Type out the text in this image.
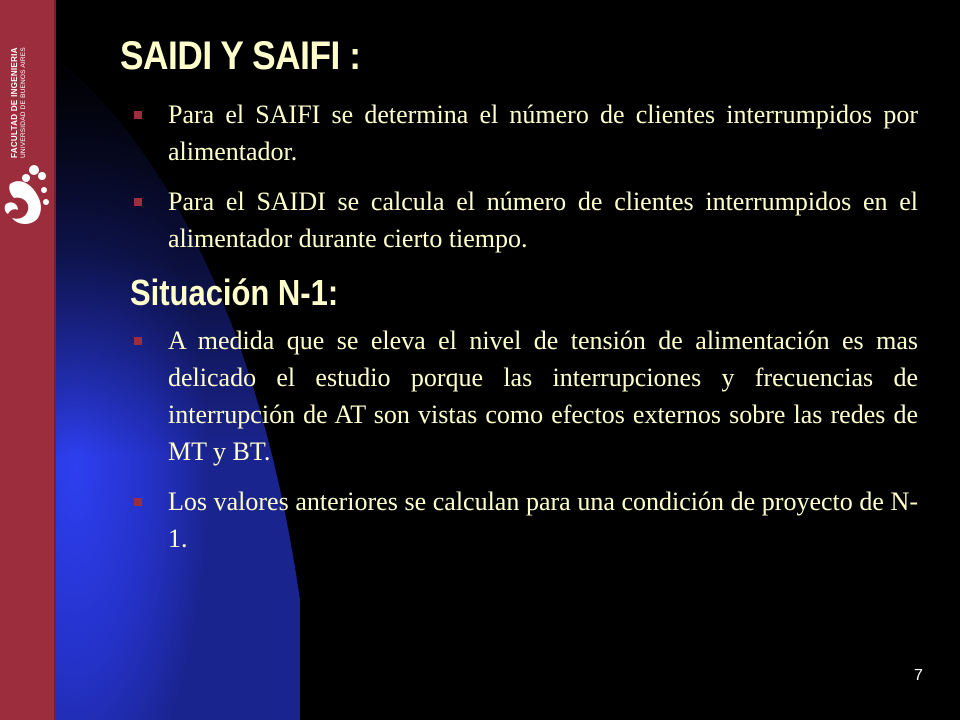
FACULTAD DE INGENIERIA UNIVERSIDAD DE BUENOS AIRES SAIDI Y SAIFI :
Para el SAIFI se determina el número de clientes interrumpidos por alimentador.
Para el SAIDI se calcula el número de clientes interrumpidos en el alimentador durante cierto tiempo.
Situación N-1:
A medida que se eleva el nivel de tensión de alimentación es mas delicado el estudio porque las interrupciones y frecuencias de interrupción de AT son vistas como efectos externos sobre las redes de MT y BT.
Los valores anteriores se calculan para una condición de proyecto de N-1.
7
